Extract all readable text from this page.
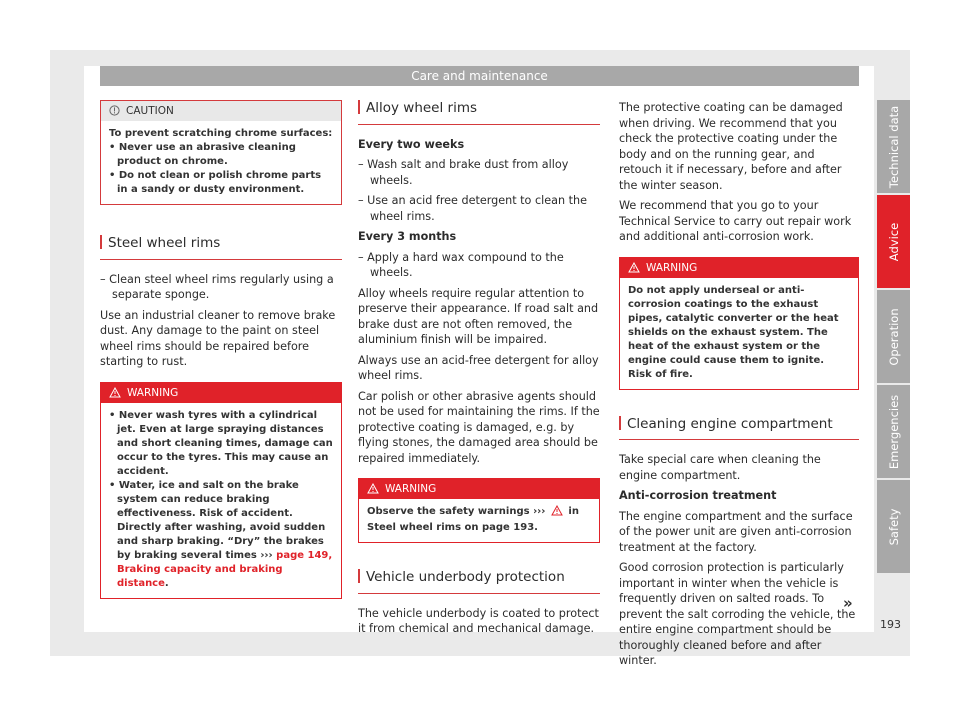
Care and maintenance
CAUTION

To prevent scratching chrome surfaces:

• Never use an abrasive cleaning product on chrome.

• Do not clean or polish chrome parts in a sandy or dusty environment.

Steel wheel rims

– Clean steel wheel rims regularly using a separate sponge.

Use an industrial cleaner to remove brake dust. Any damage to the paint on steel wheel rims should be repaired before starting to rust.

WARNING

• Never wash tyres with a cylindrical jet. Even at large spraying distances and short cleaning times, damage can occur to the tyres. This may cause an accident.

• Water, ice and salt on the brake system can reduce braking effectiveness. Risk of accident. Directly after washing, avoid sudden and sharp braking. “Dry” the brakes by braking several times ››› page 149, Braking capacity and braking distance.

Alloy wheel rims

Every two weeks

– Wash salt and brake dust from alloy wheels.

– Use an acid free detergent to clean the wheel rims.

Every 3 months

– Apply a hard wax compound to the wheels.

Alloy wheels require regular attention to preserve their appearance. If road salt and brake dust are not often removed, the aluminium finish will be impaired.

Always use an acid-free detergent for alloy wheel rims.

Car polish or other abrasive agents should not be used for maintaining the rims. If the protective coating is damaged, e.g. by flying stones, the damaged area should be repaired immediately.

WARNING

Observe the safety warnings ››› in Steel wheel rims on page 193.

Vehicle underbody protection

The vehicle underbody is coated to protect it from chemical and mechanical damage.

The protective coating can be damaged when driving. We recommend that you check the protective coating under the body and on the running gear, and retouch it if necessary, before and after the winter season.

We recommend that you go to your Technical Service to carry out repair work and additional anti-corrosion work.

WARNING

Do not apply underseal or anti-corrosion coatings to the exhaust pipes, catalytic converter or the heat shields on the exhaust system. The heat of the exhaust system or the engine could cause them to ignite. Risk of fire.

Cleaning engine compartment

Take special care when cleaning the engine compartment.

Anti-corrosion treatment

The engine compartment and the surface of the power unit are given anti-corrosion treatment at the factory.

Good corrosion protection is particularly important in winter when the vehicle is frequently driven on salted roads. To prevent the salt corroding the vehicle, the entire engine compartment should be thoroughly cleaned before and after winter.

»
Technical data
Advice
Operation
Emergencies
Safety
193
